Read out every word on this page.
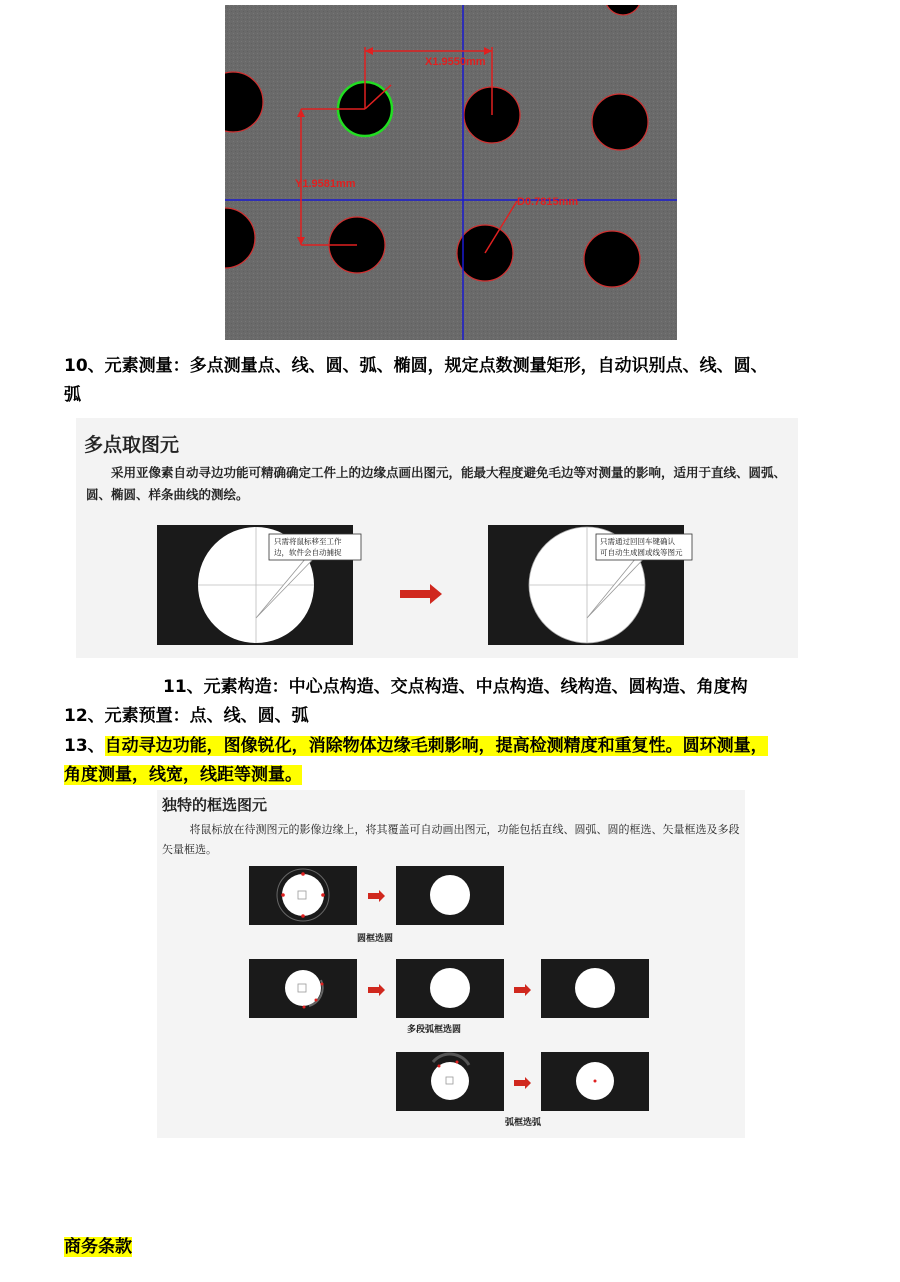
X1.9550mm
Y1.9581mm
D0.7815mm
10、元素测量：多点测量点、线、圆、弧、椭圆，规定点数测量矩形，自动识别点、线、圆、
弧
多点取图元
采用亚像素自动寻边功能可精确确定工件上的边缘点画出图元，能最大程度避免毛边等对测量的影响，适用于直线、圆弧、圆、椭圆、样条曲线的测绘。
只需将鼠标移至工作
边，软件会自动捕捉
只需通过回回车键确认
可自动生成圆或线等图元
11、元素构造：中心点构造、交点构造、中点构造、线构造、圆构造、角度构
12、元素预置：点、线、圆、弧
13、自动寻边功能，图像锐化，消除物体边缘毛刺影响，提高检测精度和重复性。圆环测量，
角度测量，线宽，线距等测量。
独特的框选图元
将鼠标放在待测图元的影像边缘上，将其覆盖可自动画出图元，功能包括直线、圆弧、圆的框选、矢量框选及多段矢量框选。
圆框选圆
多段弧框选圆
弧框选弧
商务条款
